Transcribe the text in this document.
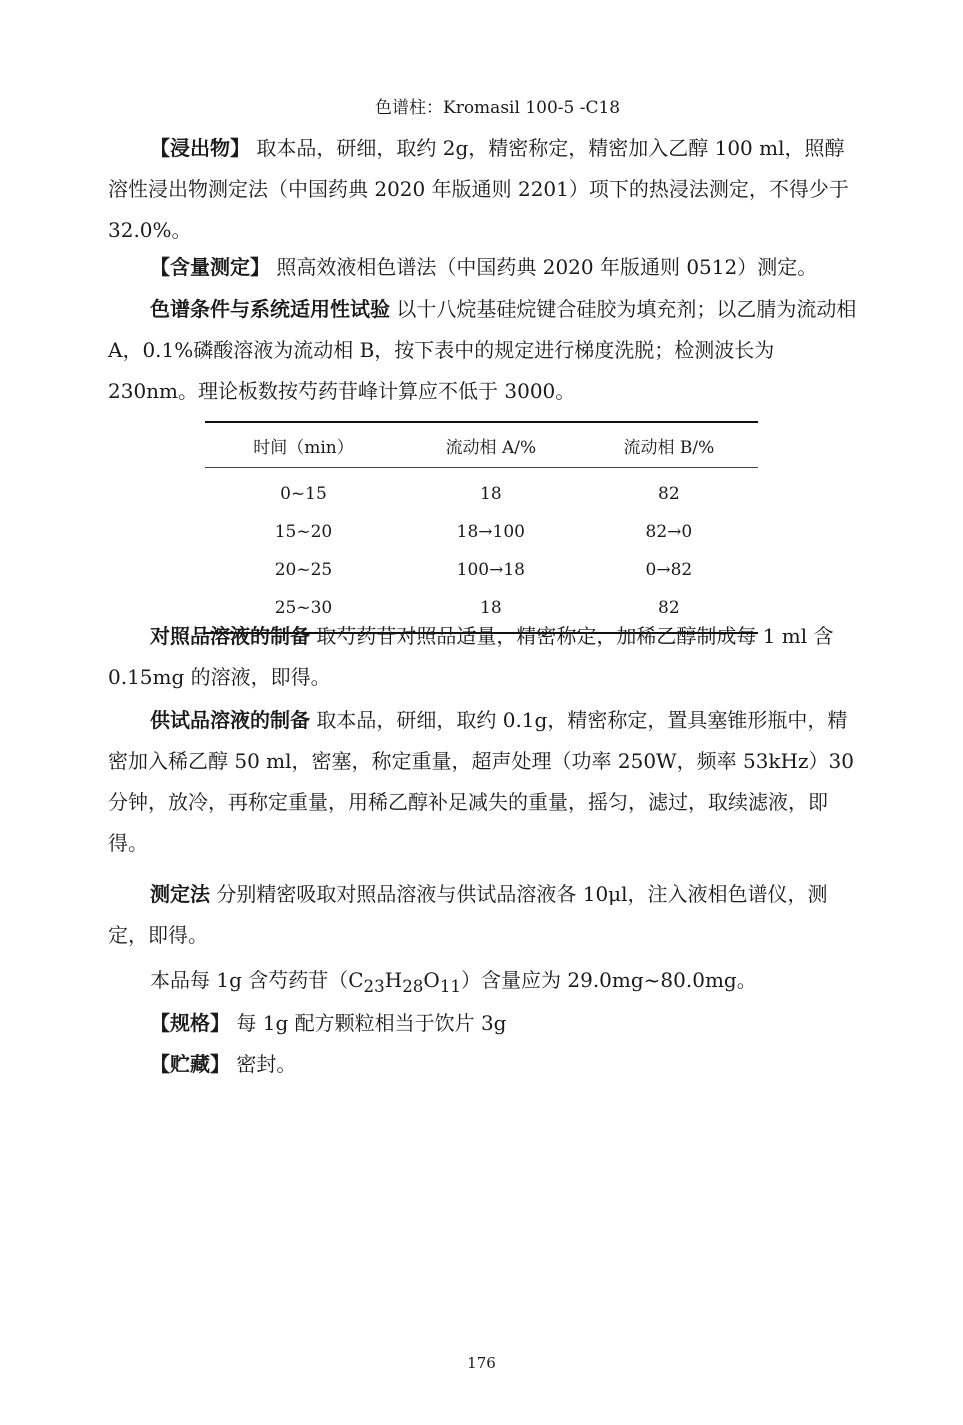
色谱柱：Kromasil 100-5 -C18

【浸出物】 取本品，研细，取约 2g，精密称定，精密加入乙醇 100 ml，照醇溶性浸出物测定法（中国药典 2020 年版通则 2201）项下的热浸法测定，不得少于 32.0%。

【含量测定】 照高效液相色谱法（中国药典 2020 年版通则 0512）测定。

色谱条件与系统适用性试验 以十八烷基硅烷键合硅胶为填充剂；以乙腈为流动相 A，0.1%磷酸溶液为流动相 B，按下表中的规定进行梯度洗脱；检测波长为 230nm。理论板数按芍药苷峰计算应不低于 3000。

时间（min）	流动相 A/%	流动相 B/%
0~15	18	82
15~20	18→100	82→0
20~25	100→18	0→82
25~30	18	82

对照品溶液的制备 取芍药苷对照品适量，精密称定，加稀乙醇制成每 1 ml 含 0.15mg 的溶液，即得。

供试品溶液的制备 取本品，研细，取约 0.1g，精密称定，置具塞锥形瓶中，精密加入稀乙醇 50 ml，密塞，称定重量，超声处理（功率 250W，频率 53kHz）30 分钟，放冷，再称定重量，用稀乙醇补足减失的重量，摇匀，滤过，取续滤液，即得。

测定法 分别精密吸取对照品溶液与供试品溶液各 10μl，注入液相色谱仪，测定，即得。

本品每 1g 含芍药苷$(C_{23}H_{28}O_{11})$含量应为 29.0mg~80.0mg。

【规格】 每 1g 配方颗粒相当于饮片 3g

【贮藏】 密封。

176
